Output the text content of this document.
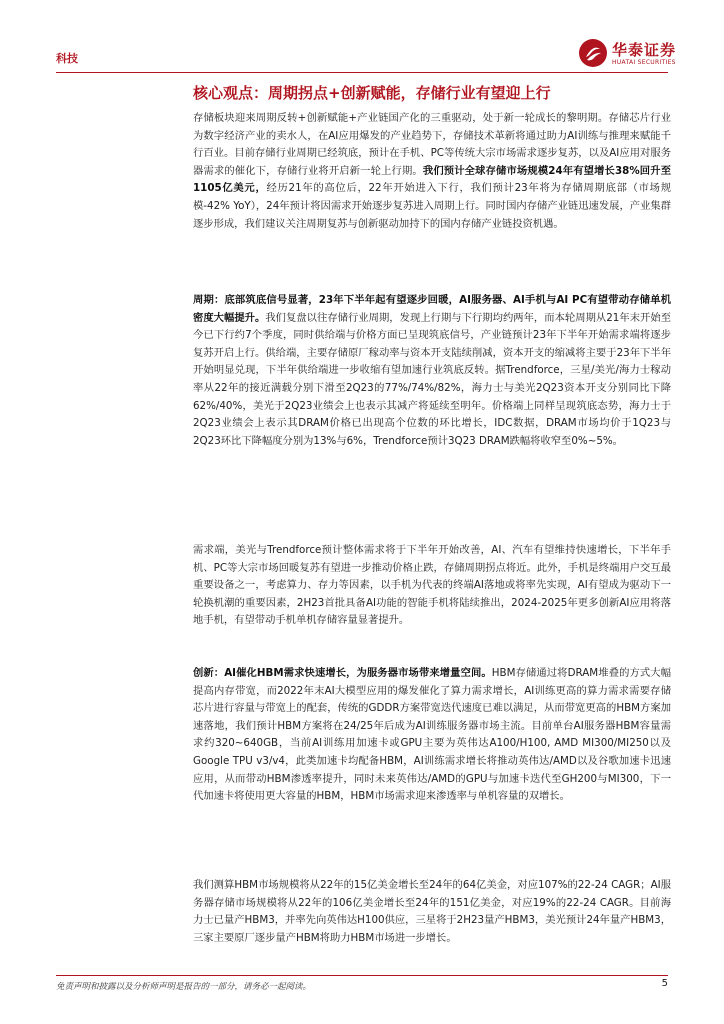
科技	华泰证券
HUATAI SECURITIES
核心观点：周期拐点+创新赋能，存储行业有望迎上行

存储板块迎来周期反转+创新赋能+产业链国产化的三重驱动，处于新一轮成长的黎明期。存储芯片行业为数字经济产业的卖水人，在AI应用爆发的产业趋势下，存储技术革新将通过助力AI训练与推理来赋能千行百业。目前存储行业周期已经筑底，预计在手机、PC等传统大宗市场需求逐步复苏，以及AI应用对服务器需求的催化下，存储行业将开启新一轮上行期。我们预计全球存储市场规模24年有望增长38%回升至1105亿美元，经历21年的高位后，22年开始进入下行，我们预计23年将为存储周期底部（市场规模-42% YoY），24年预计将因需求开始逐步复苏进入周期上行。同时国内存储产业链迅速发展，产业集群逐步形成，我们建议关注周期复苏与创新驱动加持下的国内存储产业链投资机遇。

周期：底部筑底信号显著，23年下半年起有望逐步回暖，AI服务器、AI手机与AI PC有望带动存储单机密度大幅提升。我们复盘以往存储行业周期，发现上行期与下行期均约两年，而本轮周期从21年末开始至今已下行约7个季度，同时供给端与价格方面已呈现筑底信号，产业链预计23年下半年开始需求端将逐步复苏开启上行。供给端，主要存储原厂稼动率与资本开支陆续削减，资本开支的缩减将主要于23年下半年开始明显兑现，下半年供给端进一步收缩有望加速行业筑底反转。据Trendforce，三星/美光/海力士稼动率从22年的接近满载分别下滑至2Q23的77%/74%/82%，海力士与美光2Q23资本开支分别同比下降62%/40%，美光于2Q23业绩会上也表示其减产将延续至明年。价格端上同样呈现筑底态势，海力士于2Q23业绩会上表示其DRAM价格已出现高个位数的环比增长，IDC数据，DRAM市场均价于1Q23与2Q23环比下降幅度分别为13%与6%，Trendforce预计3Q23 DRAM跌幅将收窄至0%~5%。

需求端，美光与Trendforce预计整体需求将于下半年开始改善，AI、汽车有望维持快速增长，下半年手机、PC等大宗市场回暖复苏有望进一步推动价格止跌，存储周期拐点将近。此外，手机是终端用户交互最重要设备之一，考虑算力、存力等因素，以手机为代表的终端AI落地或将率先实现，AI有望成为驱动下一轮换机潮的重要因素，2H23首批具备AI功能的智能手机将陆续推出，2024-2025年更多创新AI应用将落地手机，有望带动手机单机存储容量显著提升。

创新：AI催化HBM需求快速增长，为服务器市场带来增量空间。HBM存储通过将DRAM堆叠的方式大幅提高内存带宽，而2022年末AI大模型应用的爆发催化了算力需求增长，AI训练更高的算力需求需要存储芯片进行容量与带宽上的配套，传统的GDDR方案带宽迭代速度已难以满足，从而带宽更高的HBM方案加速落地，我们预计HBM方案将在24/25年后成为AI训练服务器市场主流。目前单台AI服务器HBM容量需求约320~640GB，当前AI训练用加速卡或GPU主要为英伟达A100/H100, AMD MI300/MI250以及Google TPU v3/v4，此类加速卡均配备HBM，AI训练需求增长将推动英伟达/AMD以及谷歌加速卡迅速应用，从而带动HBM渗透率提升，同时未来英伟达/AMD的GPU与加速卡迭代至GH200与MI300，下一代加速卡将使用更大容量的HBM，HBM市场需求迎来渗透率与单机容量的双增长。

我们测算HBM市场规模将从22年的15亿美金增长至24年的64亿美金，对应107%的22-24 CAGR；AI服务器存储市场规模将从22年的106亿美金增长至24年的151亿美金，对应19%的22-24 CAGR。目前海力士已量产HBM3，并率先向英伟达H100供应，三星将于2H23量产HBM3，美光预计24年量产HBM3，三家主要原厂逐步量产HBM将助力HBM市场进一步增长。

免责声明和披露以及分析师声明是报告的一部分，请务必一起阅读。	5
